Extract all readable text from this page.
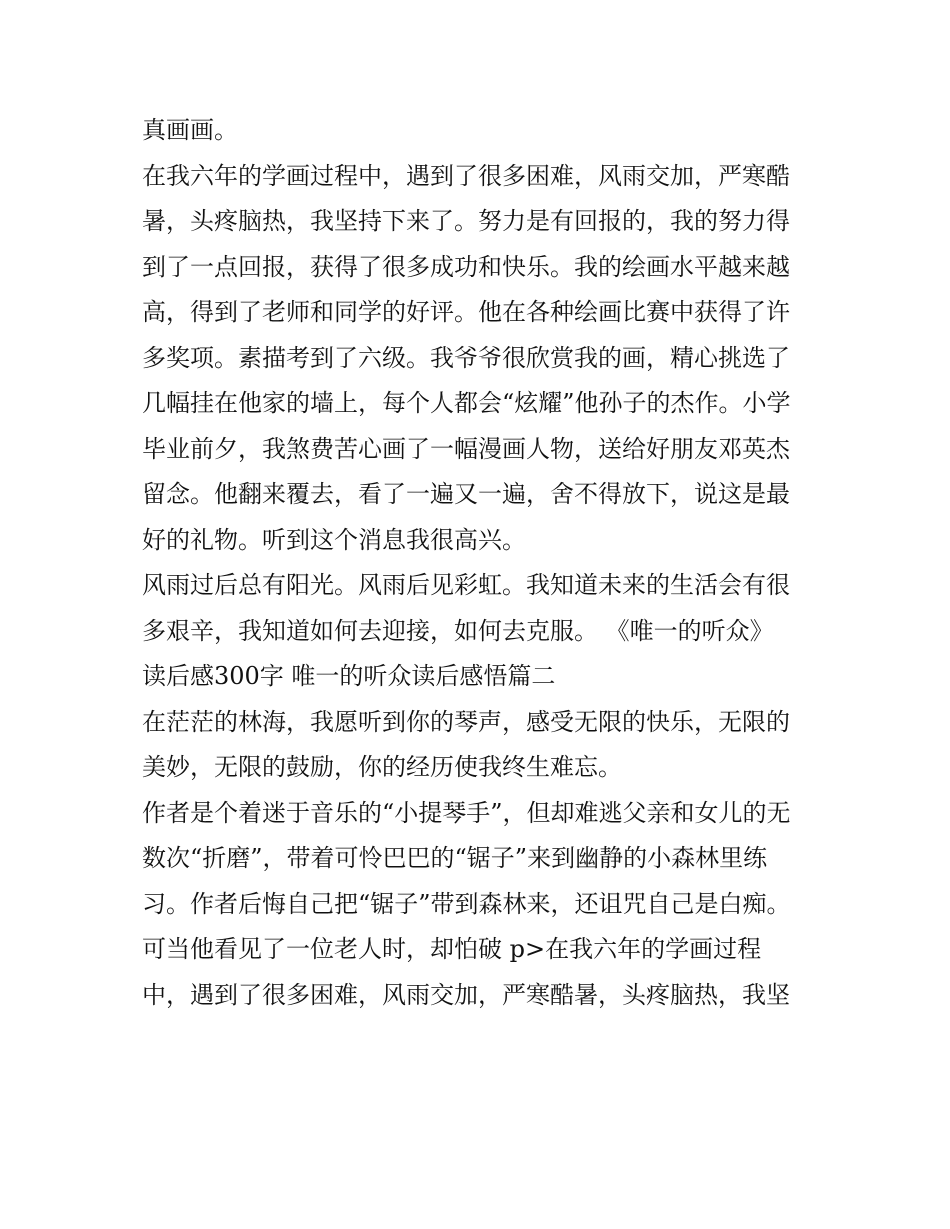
真画画。
在我六年的学画过程中，遇到了很多困难，风雨交加，严寒酷
暑，头疼脑热，我坚持下来了。努力是有回报的，我的努力得
到了一点回报，获得了很多成功和快乐。我的绘画水平越来越
高，得到了老师和同学的好评。他在各种绘画比赛中获得了许
多奖项。素描考到了六级。我爷爷很欣赏我的画，精心挑选了
几幅挂在他家的墙上，每个人都会“炫耀”他孙子的杰作。小学
毕业前夕，我煞费苦心画了一幅漫画人物，送给好朋友邓英杰
留念。他翻来覆去，看了一遍又一遍，舍不得放下，说这是最
好的礼物。听到这个消息我很高兴。
风雨过后总有阳光。风雨后见彩虹。我知道未来的生活会有很
多艰辛，我知道如何去迎接，如何去克服。 《唯一的听众》
读后感300字 唯一的听众读后感悟篇二
在茫茫的林海，我愿听到你的琴声，感受无限的快乐，无限的
美妙，无限的鼓励，你的经历使我终生难忘。
作者是个着迷于音乐的“小提琴手”，但却难逃父亲和女儿的无
数次“折磨”，带着可怜巴巴的“锯子”来到幽静的小森林里练
习。作者后悔自己把“锯子”带到森林来，还诅咒自己是白痴。
可当他看见了一位老人时，却怕破 p>在我六年的学画过程
中，遇到了很多困难，风雨交加，严寒酷暑，头疼脑热，我坚
